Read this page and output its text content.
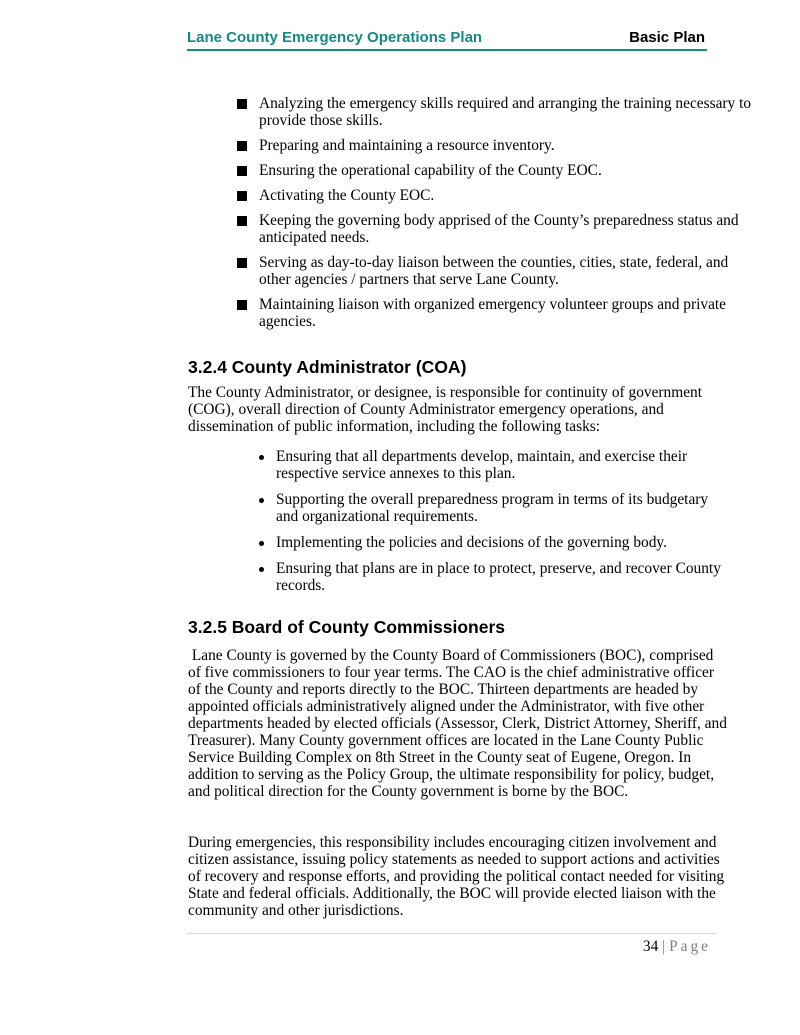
Lane County Emergency Operations Plan	Basic Plan
Analyzing the emergency skills required and arranging the training necessary to provide those skills.
Preparing and maintaining a resource inventory.
Ensuring the operational capability of the County EOC.
Activating the County EOC.
Keeping the governing body apprised of the County’s preparedness status and anticipated needs.
Serving as day-to-day liaison between the counties, cities, state, federal, and other agencies / partners that serve Lane County.
Maintaining liaison with organized emergency volunteer groups and private agencies.
3.2.4 County Administrator (COA)

The County Administrator, or designee, is responsible for continuity of government (COG), overall direction of County Administrator emergency operations, and dissemination of public information, including the following tasks:

Ensuring that all departments develop, maintain, and exercise their respective service annexes to this plan.
Supporting the overall preparedness program in terms of its budgetary and organizational requirements.
Implementing the policies and decisions of the governing body.
Ensuring that plans are in place to protect, preserve, and recover County records.
3.2.5 Board of County Commissioners

Lane County is governed by the County Board of Commissioners (BOC), comprised of five commissioners to four year terms. The CAO is the chief administrative officer of the County and reports directly to the BOC. Thirteen departments are headed by appointed officials administratively aligned under the Administrator, with five other departments headed by elected officials (Assessor, Clerk, District Attorney, Sheriff, and Treasurer). Many County government offices are located in the Lane County Public Service Building Complex on 8th Street in the County seat of Eugene, Oregon. In addition to serving as the Policy Group, the ultimate responsibility for policy, budget, and political direction for the County government is borne by the BOC.

During emergencies, this responsibility includes encouraging citizen involvement and citizen assistance, issuing policy statements as needed to support actions and activities of recovery and response efforts, and providing the political contact needed for visiting State and federal officials. Additionally, the BOC will provide elected liaison with the community and other jurisdictions.

34 | Page
